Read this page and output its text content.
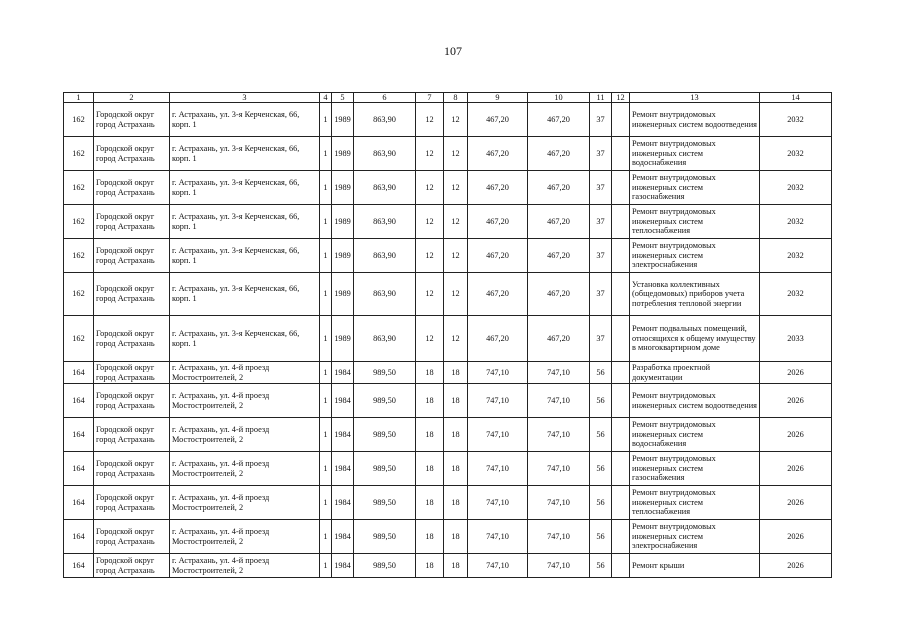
107
1	2	3	4	5	6	7	8	9	10	11	12	13	14
162	Городской округ город Астрахань	г. Астрахань, ул. 3-я Керченская, 66, корп. 1	1	1989	863,90	12	12	467,20	467,20	37		Ремонт внутридомовых инженерных систем водоотведения	2032
162	Городской округ город Астрахань	г. Астрахань, ул. 3-я Керченская, 66, корп. 1	1	1989	863,90	12	12	467,20	467,20	37		Ремонт внутридомовых инженерных систем водоснабжения	2032
162	Городской округ город Астрахань	г. Астрахань, ул. 3-я Керченская, 66, корп. 1	1	1989	863,90	12	12	467,20	467,20	37		Ремонт внутридомовых инженерных систем газоснабжения	2032
162	Городской округ город Астрахань	г. Астрахань, ул. 3-я Керченская, 66, корп. 1	1	1989	863,90	12	12	467,20	467,20	37		Ремонт внутридомовых инженерных систем теплоснабжения	2032
162	Городской округ город Астрахань	г. Астрахань, ул. 3-я Керченская, 66, корп. 1	1	1989	863,90	12	12	467,20	467,20	37		Ремонт внутридомовых инженерных систем электроснабжения	2032
162	Городской округ город Астрахань	г. Астрахань, ул. 3-я Керченская, 66, корп. 1	1	1989	863,90	12	12	467,20	467,20	37		Установка коллективных (общедомовых) приборов учета потребления тепловой энергии	2032
162	Городской округ город Астрахань	г. Астрахань, ул. 3-я Керченская, 66, корп. 1	1	1989	863,90	12	12	467,20	467,20	37		Ремонт подвальных помещений, относящихся к общему имуществу в многоквартирном доме	2033
164	Городской округ город Астрахань	г. Астрахань, ул. 4-й проезд Мостостроителей, 2	1	1984	989,50	18	18	747,10	747,10	56		Разработка проектной документации	2026
164	Городской округ город Астрахань	г. Астрахань, ул. 4-й проезд Мостостроителей, 2	1	1984	989,50	18	18	747,10	747,10	56		Ремонт внутридомовых инженерных систем водоотведения	2026
164	Городской округ город Астрахань	г. Астрахань, ул. 4-й проезд Мостостроителей, 2	1	1984	989,50	18	18	747,10	747,10	56		Ремонт внутридомовых инженерных систем водоснабжения	2026
164	Городской округ город Астрахань	г. Астрахань, ул. 4-й проезд Мостостроителей, 2	1	1984	989,50	18	18	747,10	747,10	56		Ремонт внутридомовых инженерных систем газоснабжения	2026
164	Городской округ город Астрахань	г. Астрахань, ул. 4-й проезд Мостостроителей, 2	1	1984	989,50	18	18	747,10	747,10	56		Ремонт внутридомовых инженерных систем теплоснабжения	2026
164	Городской округ город Астрахань	г. Астрахань, ул. 4-й проезд Мостостроителей, 2	1	1984	989,50	18	18	747,10	747,10	56		Ремонт внутридомовых инженерных систем электроснабжения	2026
164	Городской округ город Астрахань	г. Астрахань, ул. 4-й проезд Мостостроителей, 2	1	1984	989,50	18	18	747,10	747,10	56		Ремонт крыши	2026
